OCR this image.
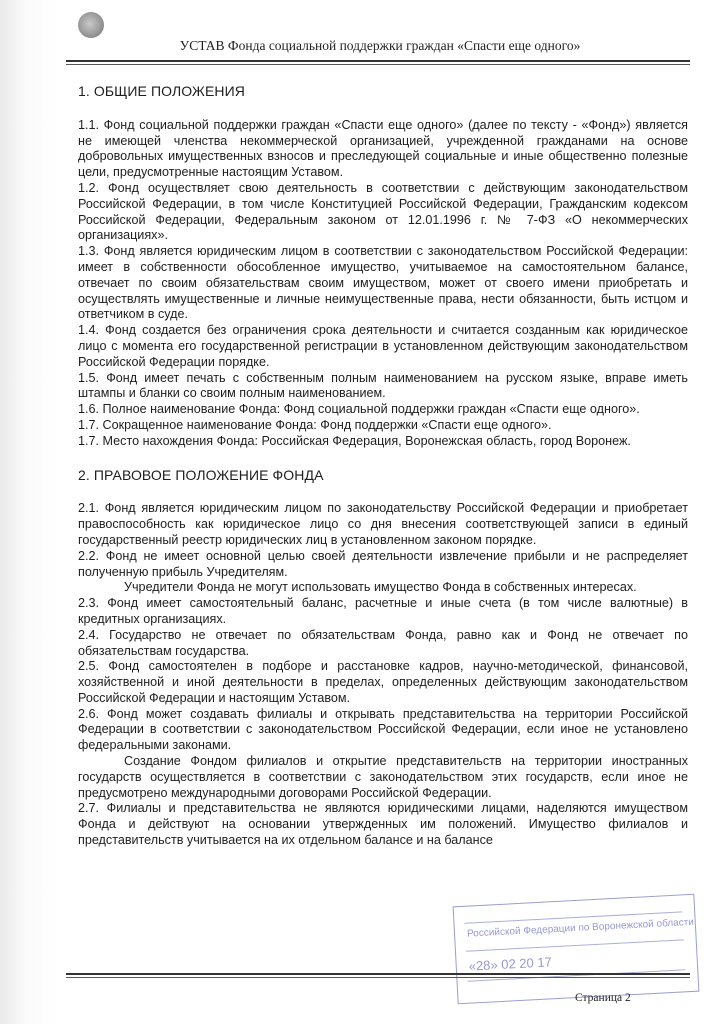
УСТАВ Фонда социальной поддержки граждан «Спасти еще одного»
1. ОБЩИЕ ПОЛОЖЕНИЯ

1.1. Фонд социальной поддержки граждан «Спасти еще одного» (далее по тексту - «Фонд») является не имеющей членства некоммерческой организацией, учрежденной гражданами на основе добровольных имущественных взносов и преследующей социальные и иные общественно полезные цели, предусмотренные настоящим Уставом.

1.2. Фонд осуществляет свою деятельность в соответствии с действующим законодательством Российской Федерации, в том числе Конституцией Российской Федерации, Гражданским кодексом Российской Федерации, Федеральным законом от 12.01.1996 г. № 7-ФЗ «О некоммерческих организациях».

1.3. Фонд является юридическим лицом в соответствии с законодательством Российской Федерации: имеет в собственности обособленное имущество, учитываемое на самостоятельном балансе, отвечает по своим обязательствам своим имуществом, может от своего имени приобретать и осуществлять имущественные и личные неимущественные права, нести обязанности, быть истцом и ответчиком в суде.

1.4. Фонд создается без ограничения срока деятельности и считается созданным как юридическое лицо с момента его государственной регистрации в установленном действующим законодательством Российской Федерации порядке.

1.5. Фонд имеет печать с собственным полным наименованием на русском языке, вправе иметь штампы и бланки со своим полным наименованием.

1.6. Полное наименование Фонда: Фонд социальной поддержки граждан «Спасти еще одного».

1.7. Сокращенное наименование Фонда: Фонд поддержки «Спасти еще одного».

1.7. Место нахождения Фонда: Российская Федерация, Воронежская область, город Воронеж.

2. ПРАВОВОЕ ПОЛОЖЕНИЕ ФОНДА

2.1. Фонд является юридическим лицом по законодательству Российской Федерации и приобретает правоспособность как юридическое лицо со дня внесения соответствующей записи в единый государственный реестр юридических лиц в установленном законом порядке.

2.2. Фонд не имеет основной целью своей деятельности извлечение прибыли и не распределяет полученную прибыль Учредителям.

Учредители Фонда не могут использовать имущество Фонда в собственных интересах.

2.3. Фонд имеет самостоятельный баланс, расчетные и иные счета (в том числе валютные) в кредитных организациях.

2.4. Государство не отвечает по обязательствам Фонда, равно как и Фонд не отвечает по обязательствам государства.

2.5. Фонд самостоятелен в подборе и расстановке кадров, научно-методической, финансовой, хозяйственной и иной деятельности в пределах, определенных действующим законодательством Российской Федерации и настоящим Уставом.

2.6. Фонд может создавать филиалы и открывать представительства на территории Российской Федерации в соответствии с законодательством Российской Федерации, если иное не установлено федеральными законами.

Создание Фондом филиалов и открытие представительств на территории иностранных государств осуществляется в соответствии с законодательством этих государств, если иное не предусмотрено международными договорами Российской Федерации.

2.7. Филиалы и представительства не являются юридическими лицами, наделяются имуществом Фонда и действуют на основании утвержденных им положений. Имущество филиалов и представительств учитывается на их отдельном балансе и на балансе

Российской Федерации по Воронежской области
«28» 02 20 17
Страница 2
